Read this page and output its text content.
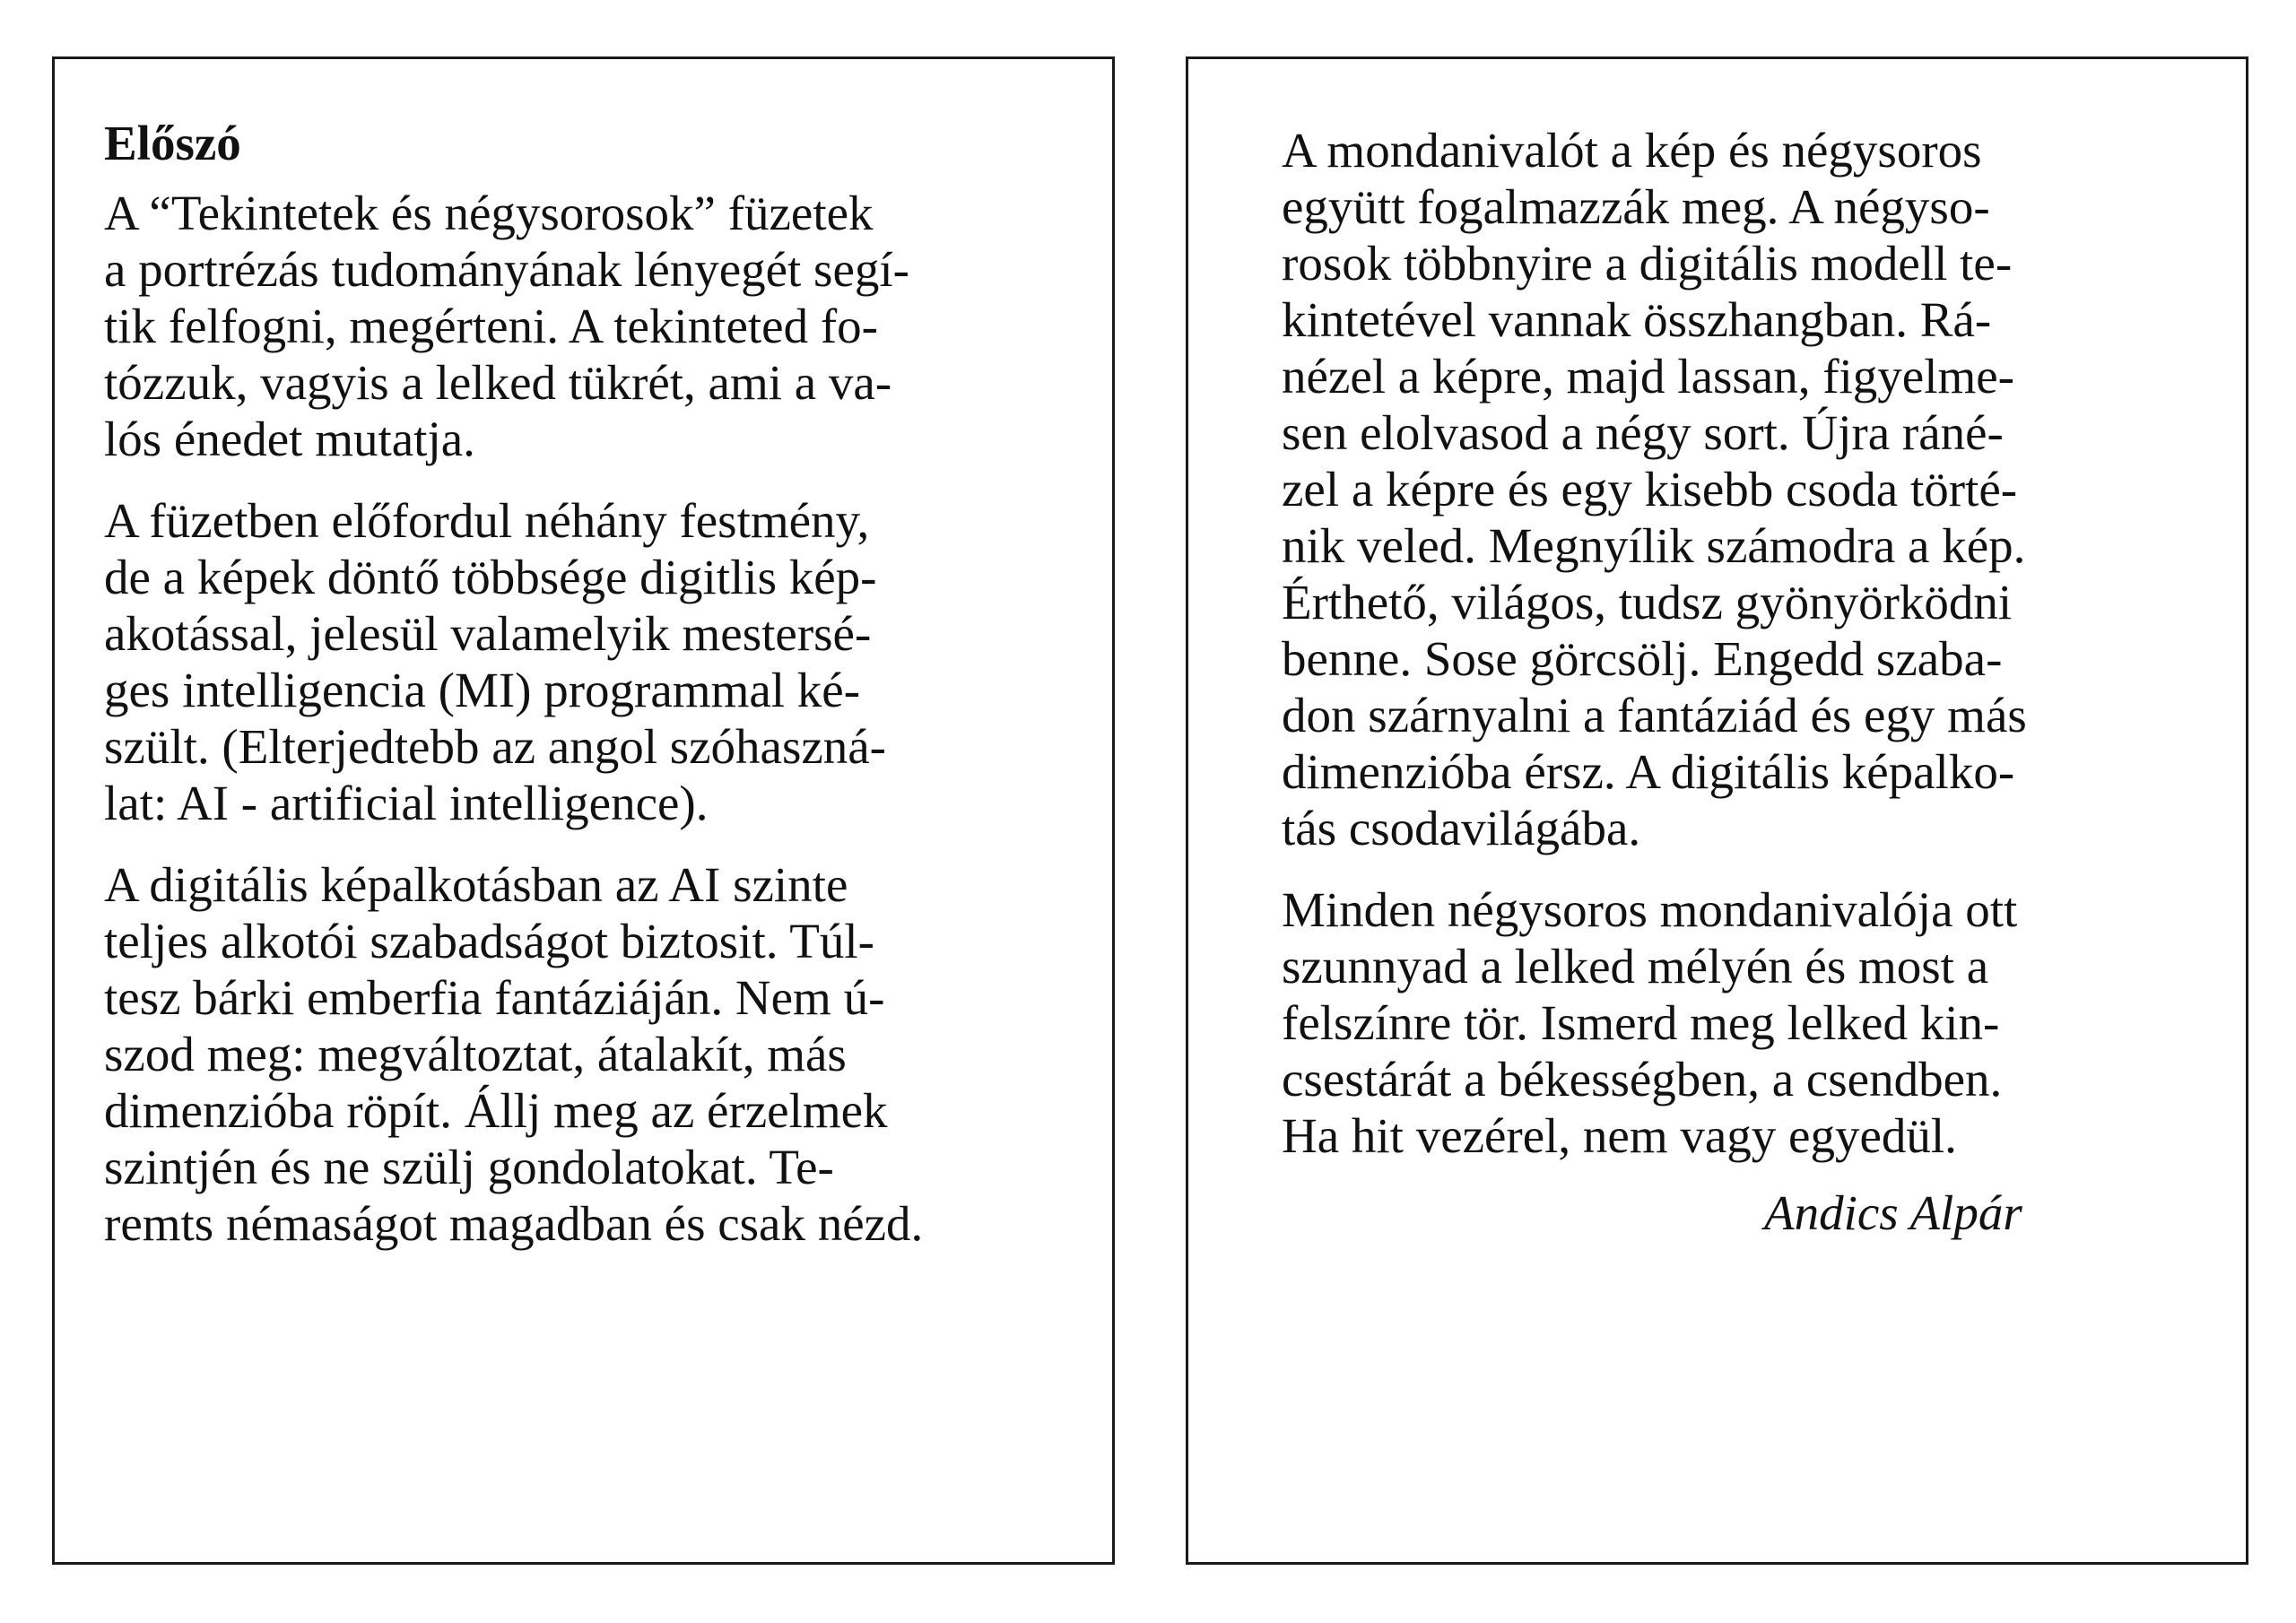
Előszó
A “Tekintetek és négysorosok” füzetek
a portrézás tudományának lényegét segí-
tik felfogni, megérteni. A tekinteted fo-
tózzuk, vagyis a lelked tükrét, ami a va-
lós énedet mutatja.
A füzetben előfordul néhány festmény,
de a képek döntő többsége digitlis kép-
akotással, jelesül valamelyik mestersé-
ges intelligencia (MI) programmal ké-
szült. (Elterjedtebb az angol szóhaszná-
lat: AI - artificial intelligence).
A digitális képalkotásban az AI szinte
teljes alkotói szabadságot biztosit. Túl-
tesz bárki emberfia fantáziáján. Nem ú-
szod meg: megváltoztat, átalakít, más
dimenzióba röpít. Állj meg az érzelmek
szintjén és ne szülj gondolatokat. Te-
remts némaságot magadban és csak nézd.
A mondanivalót a kép és négysoros
együtt fogalmazzák meg. A négyso-
rosok többnyire a digitális modell te-
kintetével vannak összhangban. Rá-
nézel a képre, majd lassan, figyelme-
sen elolvasod a négy sort. Újra ráné-
zel a képre és egy kisebb csoda törté-
nik veled. Megnyílik számodra a kép.
Érthető, világos, tudsz gyönyörködni
benne. Sose görcsölj. Engedd szaba-
don szárnyalni a fantáziád és egy más
dimenzióba érsz. A digitális képalko-
tás csodavilágába.
Minden négysoros mondanivalója ott
szunnyad a lelked mélyén és most a
felszínre tör. Ismerd meg lelked kin-
csestárát a békességben, a csendben.
Ha hit vezérel, nem vagy egyedül.
Andics Alpár
